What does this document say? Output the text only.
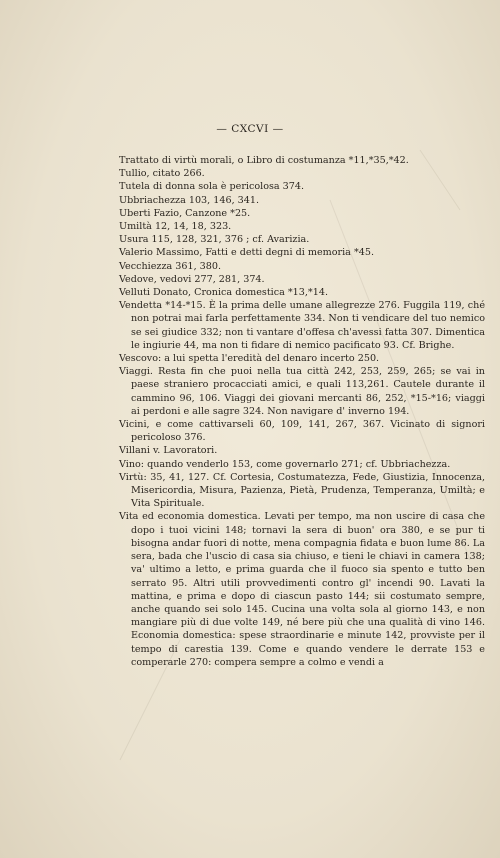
— CXCVI —
Trattato di virtù morali, o Libro di costumanza *11,*35,*42.
Tullio, citato 266.
Tutela di donna sola è pericolosa 374.
Ubbriachezza 103, 146, 341.
Uberti Fazio, Canzone *25.
Umiltà 12, 14, 18, 323.
Usura 115, 128, 321, 376 ; cf. Avarizia.
Valerio Massimo, Fatti e detti degni di memoria *45.
Vecchiezza 361, 380.
Vedove, vedovi 277, 281, 374.
Velluti Donato, Cronica domestica *13,*14.
Vendetta *14-*15. È la prima delle umane allegrezze 276. Fuggila 119, ché non potrai mai farla perfettamente 334. Non ti vendicare del tuo nemico se sei giudice 332; non ti vantare d'offesa ch'avessi fatta 307. Dimentica le ingiurie 44, ma non ti fidare di nemico pacificato 93. Cf. Brighe.
Vescovo: a lui spetta l'eredità del denaro incerto 250.
Viaggi. Resta fin che puoi nella tua città 242, 253, 259, 265; se vai in paese straniero procacciati amici, e quali 113,261. Cautele durante il cammino 96, 106. Viaggi dei giovani mercanti 86, 252, *15-*16; viaggi ai perdoni e alle sagre 324. Non navigare d' inverno 194.
Vicini, e come cattivarseli 60, 109, 141, 267, 367. Vicinato di signori pericoloso 376.
Villani v. Lavoratori.
Vino: quando venderlo 153, come governarlo 271; cf. Ubbriachezza.
Virtù: 35, 41, 127. Cf. Cortesia, Costumatezza, Fede, Giustizia, Innocenza, Misericordia, Misura, Pazienza, Pietà, Prudenza, Temperanza, Umiltà; e Vita Spirituale.
Vita ed economia domestica. Levati per tempo, ma non uscire di casa che dopo i tuoi vicini 148; tornavi la sera di buon' ora 380, e se pur ti bisogna andar fuori di notte, mena compagnia fidata e buon lume 86. La sera, bada che l'uscio di casa sia chiuso, e tieni le chiavi in camera 138; va' ultimo a letto, e prima guarda che il fuoco sia spento e tutto ben serrato 95. Altri utili provvedimenti contro gl' incendi 90. Lavati la mattina, e prima e dopo di ciascun pasto 144; sii costumato sempre, anche quando sei solo 145. Cucina una volta sola al giorno 143, e non mangiare più di due volte 149, né bere più che una qualità di vino 146. Economia domestica: spese straordinarie e minute 142, provviste per il tempo di carestia 139. Come e quando vendere le derrate 153 e comperarle 270: compera sempre a colmo e vendi a
